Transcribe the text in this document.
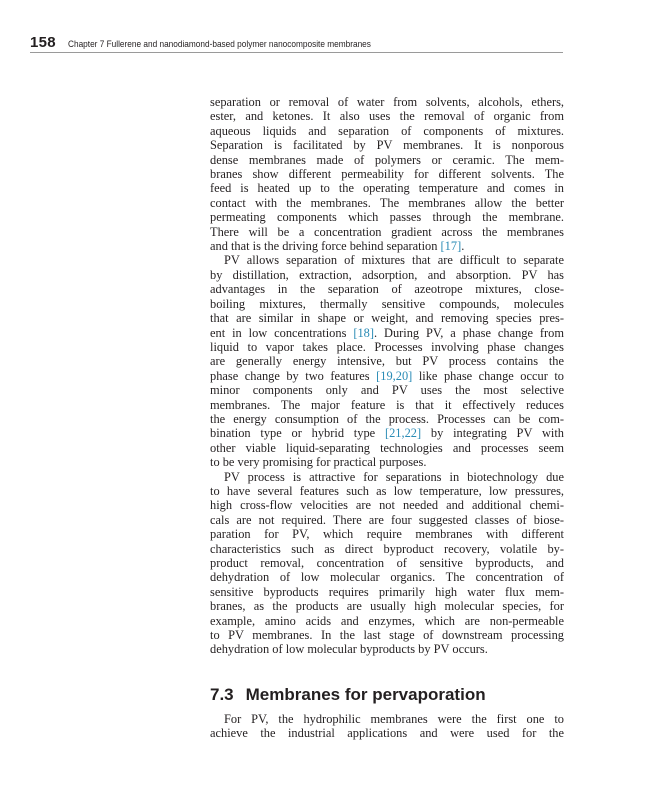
158 Chapter 7 Fullerene and nanodiamond-based polymer nanocomposite membranes

separation or removal of water from solvents, alcohols, ethers,
ester, and ketones. It also uses the removal of organic from
aqueous liquids and separation of components of mixtures.
Separation is facilitated by PV membranes. It is nonporous
dense membranes made of polymers or ceramic. The mem-
branes show different permeability for different solvents. The
feed is heated up to the operating temperature and comes in
contact with the membranes. The membranes allow the better
permeating components which passes through the membrane.
There will be a concentration gradient across the membranes
and that is the driving force behind separation [17].

PV allows separation of mixtures that are difficult to separate
by distillation, extraction, adsorption, and absorption. PV has
advantages in the separation of azeotrope mixtures, close-
boiling mixtures, thermally sensitive compounds, molecules
that are similar in shape or weight, and removing species pres-
ent in low concentrations [18]. During PV, a phase change from
liquid to vapor takes place. Processes involving phase changes
are generally energy intensive, but PV process contains the
phase change by two features [19,20] like phase change occur to
minor components only and PV uses the most selective
membranes. The major feature is that it effectively reduces
the energy consumption of the process. Processes can be com-
bination type or hybrid type [21,22] by integrating PV with
other viable liquid-separating technologies and processes seem
to be very promising for practical purposes.

PV process is attractive for separations in biotechnology due
to have several features such as low temperature, low pressures,
high cross-flow velocities are not needed and additional chemi-
cals are not required. There are four suggested classes of biose-
paration for PV, which require membranes with different
characteristics such as direct byproduct recovery, volatile by-
product removal, concentration of sensitive byproducts, and
dehydration of low molecular organics. The concentration of
sensitive byproducts requires primarily high water flux mem-
branes, as the products are usually high molecular species, for
example, amino acids and enzymes, which are non-permeable
to PV membranes. In the last stage of downstream processing
dehydration of low molecular byproducts by PV occurs.

7.3 Membranes for pervaporation

For PV, the hydrophilic membranes were the first one to
achieve the industrial applications and were used for the
